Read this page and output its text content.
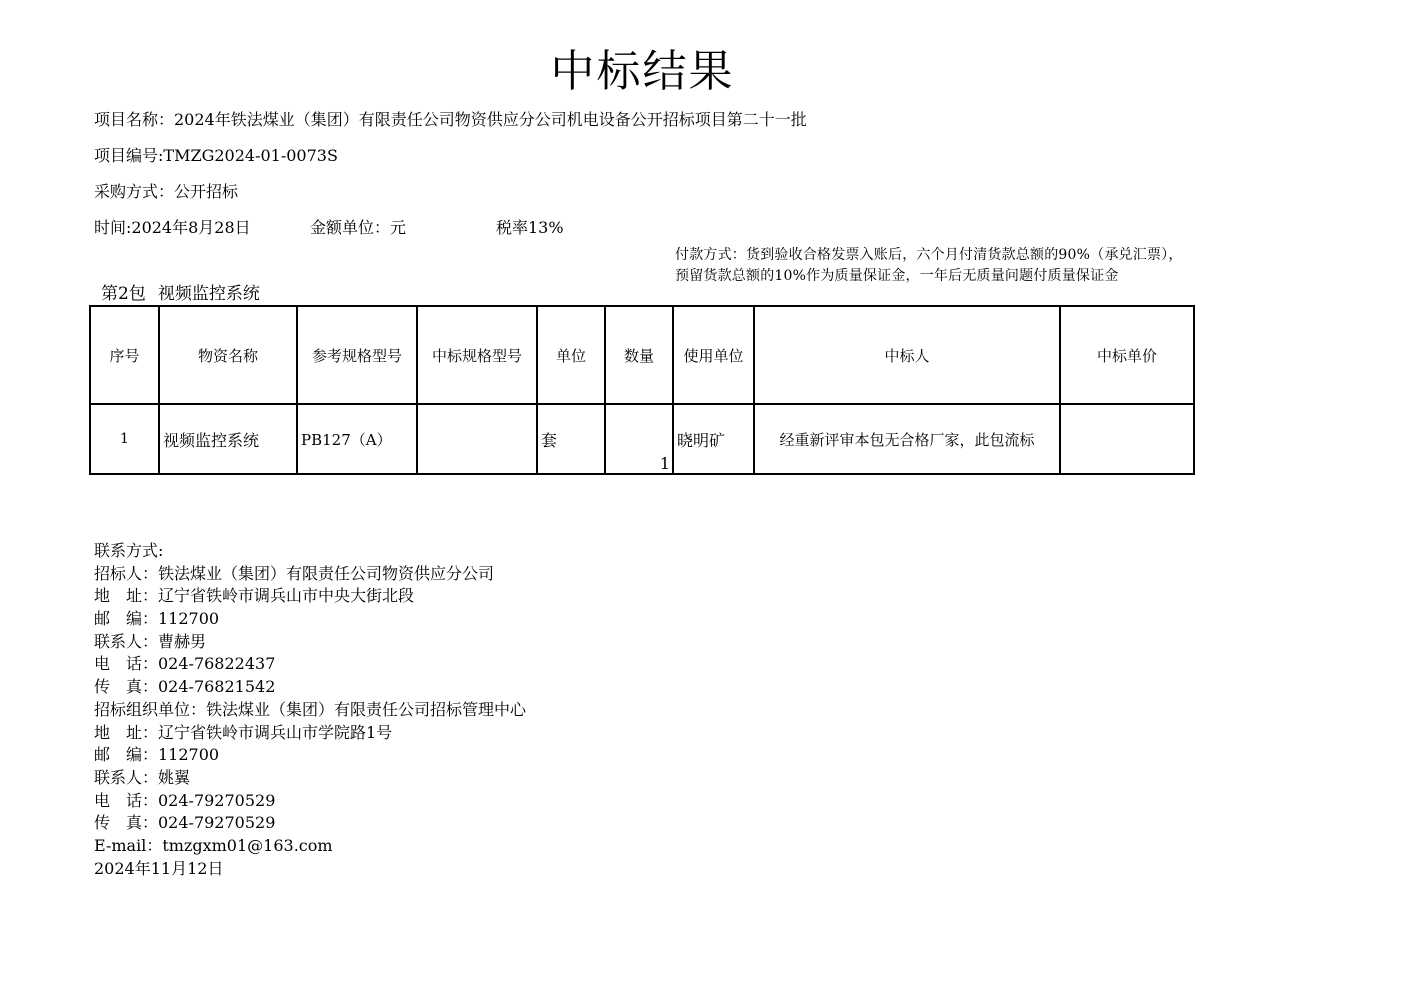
中标结果
项目名称：2024年铁法煤业（集团）有限责任公司物资供应分公司机电设备公开招标项目第二十一批
项目编号:TMZG2024-01-0073S
采购方式：公开招标
时间:2024年8月28日	金额单位：元	税率13%
付款方式：货到验收合格发票入账后，六个月付清货款总额的90%（承兑汇票），预留货款总额的10%作为质量保证金，一年后无质量问题付质量保证金
第2包 视频监控系统
序号	物资名称	参考规格型号	中标规格型号	单位	数量	使用单位	中标人	中标单价
1	视频监控系统	PB127（A）		套	1	晓明矿	经重新评审本包无合格厂家，此包流标	
联系方式:
招标人：铁法煤业（集团）有限责任公司物资供应分公司
地　址：辽宁省铁岭市调兵山市中央大街北段
邮　编：112700
联系人：曹赫男
电　话：024-76822437
传　真：024-76821542
招标组织单位：铁法煤业（集团）有限责任公司招标管理中心
地　址：辽宁省铁岭市调兵山市学院路1号
邮　编：112700
联系人：姚翼
电　话：024-79270529
传　真：024-79270529
E-mail：tmzgxm01@163.com
2024年11月12日
